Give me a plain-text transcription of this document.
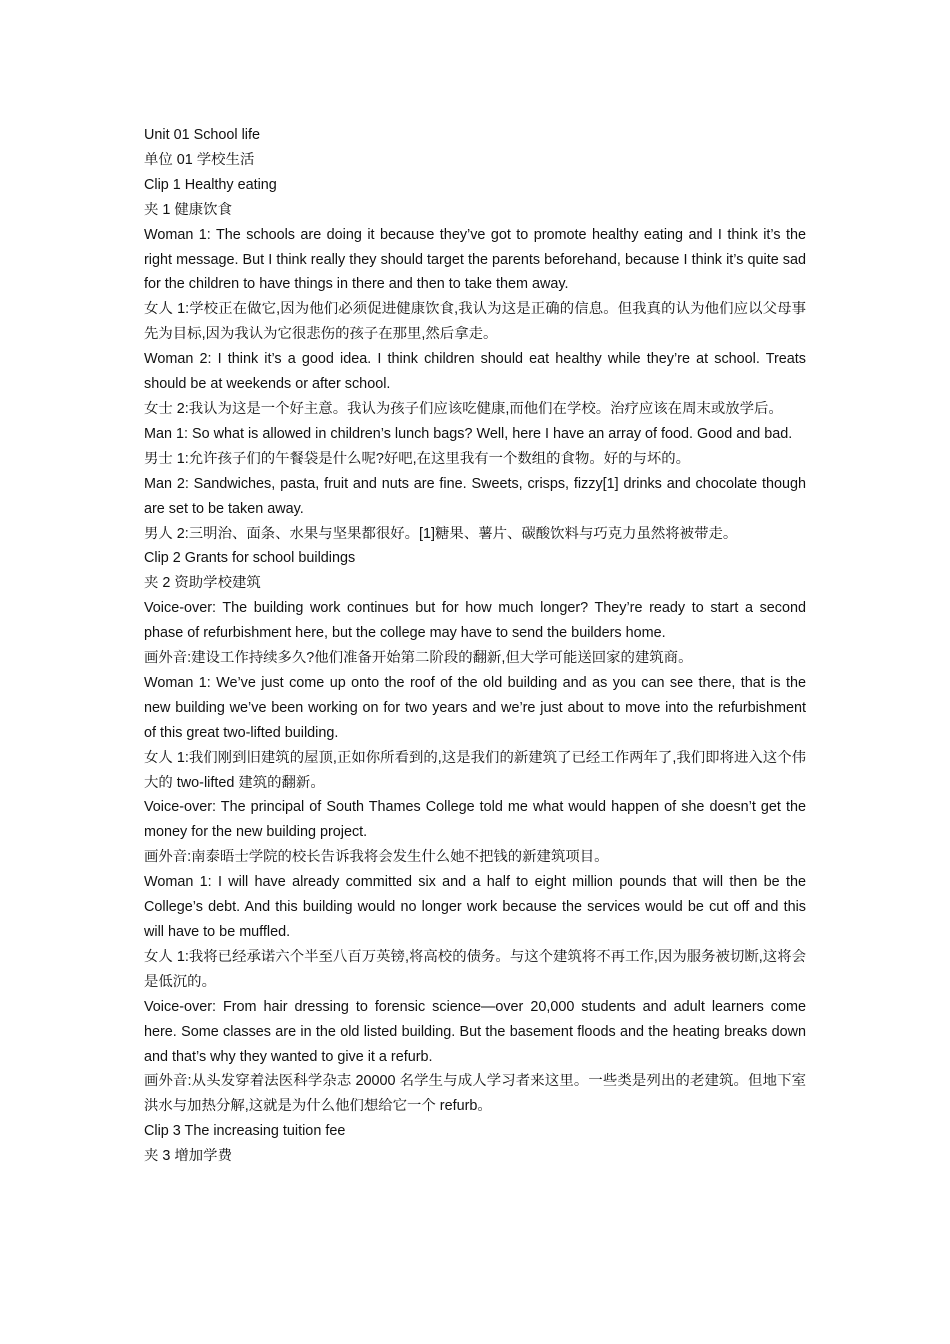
Unit 01 School life

单位 01 学校生活

Clip 1 Healthy eating

夹 1 健康饮食

Woman 1: The schools are doing it because they’ve got to promote healthy eating and I think it’s the right message. But I think really they should target the parents beforehand, because I think it’s quite sad for the children to have things in there and then to take them away.

女人 1:学校正在做它,因为他们必须促进健康饮食,我认为这是正确的信息。但我真的认为他们应以父母事先为目标,因为我认为它很悲伤的孩子在那里,然后拿走。

Woman 2: I think it’s a good idea. I think children should eat healthy while they’re at school. Treats should be at weekends or after school.

女士 2:我认为这是一个好主意。我认为孩子们应该吃健康,而他们在学校。治疗应该在周末或放学后。

Man 1: So what is allowed in children’s lunch bags? Well, here I have an array of food. Good and bad.

男士 1:允许孩子们的午餐袋是什么呢?好吧,在这里我有一个数组的食物。好的与坏的。

Man 2: Sandwiches, pasta, fruit and nuts are fine. Sweets, crisps, fizzy[1] drinks and chocolate though are set to be taken away.

男人 2:三明治、面条、水果与坚果都很好。[1]糖果、薯片、碳酸饮料与巧克力虽然将被带走。

Clip 2 Grants for school buildings

夹 2 资助学校建筑

Voice-over: The building work continues but for how much longer? They’re ready to start a second phase of refurbishment here, but the college may have to send the builders home.

画外音:建设工作持续多久?他们准备开始第二阶段的翻新,但大学可能送回家的建筑商。

Woman 1: We’ve just come up onto the roof of the old building and as you can see there, that is the new building we’ve been working on for two years and we’re just about to move into the refurbishment of this great two-lifted building.

女人 1:我们刚到旧建筑的屋顶,正如你所看到的,这是我们的新建筑了已经工作两年了,我们即将进入这个伟大的 two-lifted 建筑的翻新。

Voice-over: The principal of South Thames College told me what would happen of she doesn’t get the money for the new building project.

画外音:南泰晤士学院的校长告诉我将会发生什么她不把钱的新建筑项目。

Woman 1: I will have already committed six and a half to eight million pounds that will then be the College’s debt. And this building would no longer work because the services would be cut off and this will have to be muffled.

女人 1:我将已经承诺六个半至八百万英镑,将高校的债务。与这个建筑将不再工作,因为服务被切断,这将会是低沉的。

Voice-over: From hair dressing to forensic science—over 20,000 students and adult learners come here. Some classes are in the old listed building. But the basement floods and the heating breaks down and that’s why they wanted to give it a refurb.

画外音:从头发穿着法医科学杂志 20000 名学生与成人学习者来这里。一些类是列出的老建筑。但地下室洪水与加热分解,这就是为什么他们想给它一个 refurb。

Clip 3 The increasing tuition fee

夹 3 增加学费
